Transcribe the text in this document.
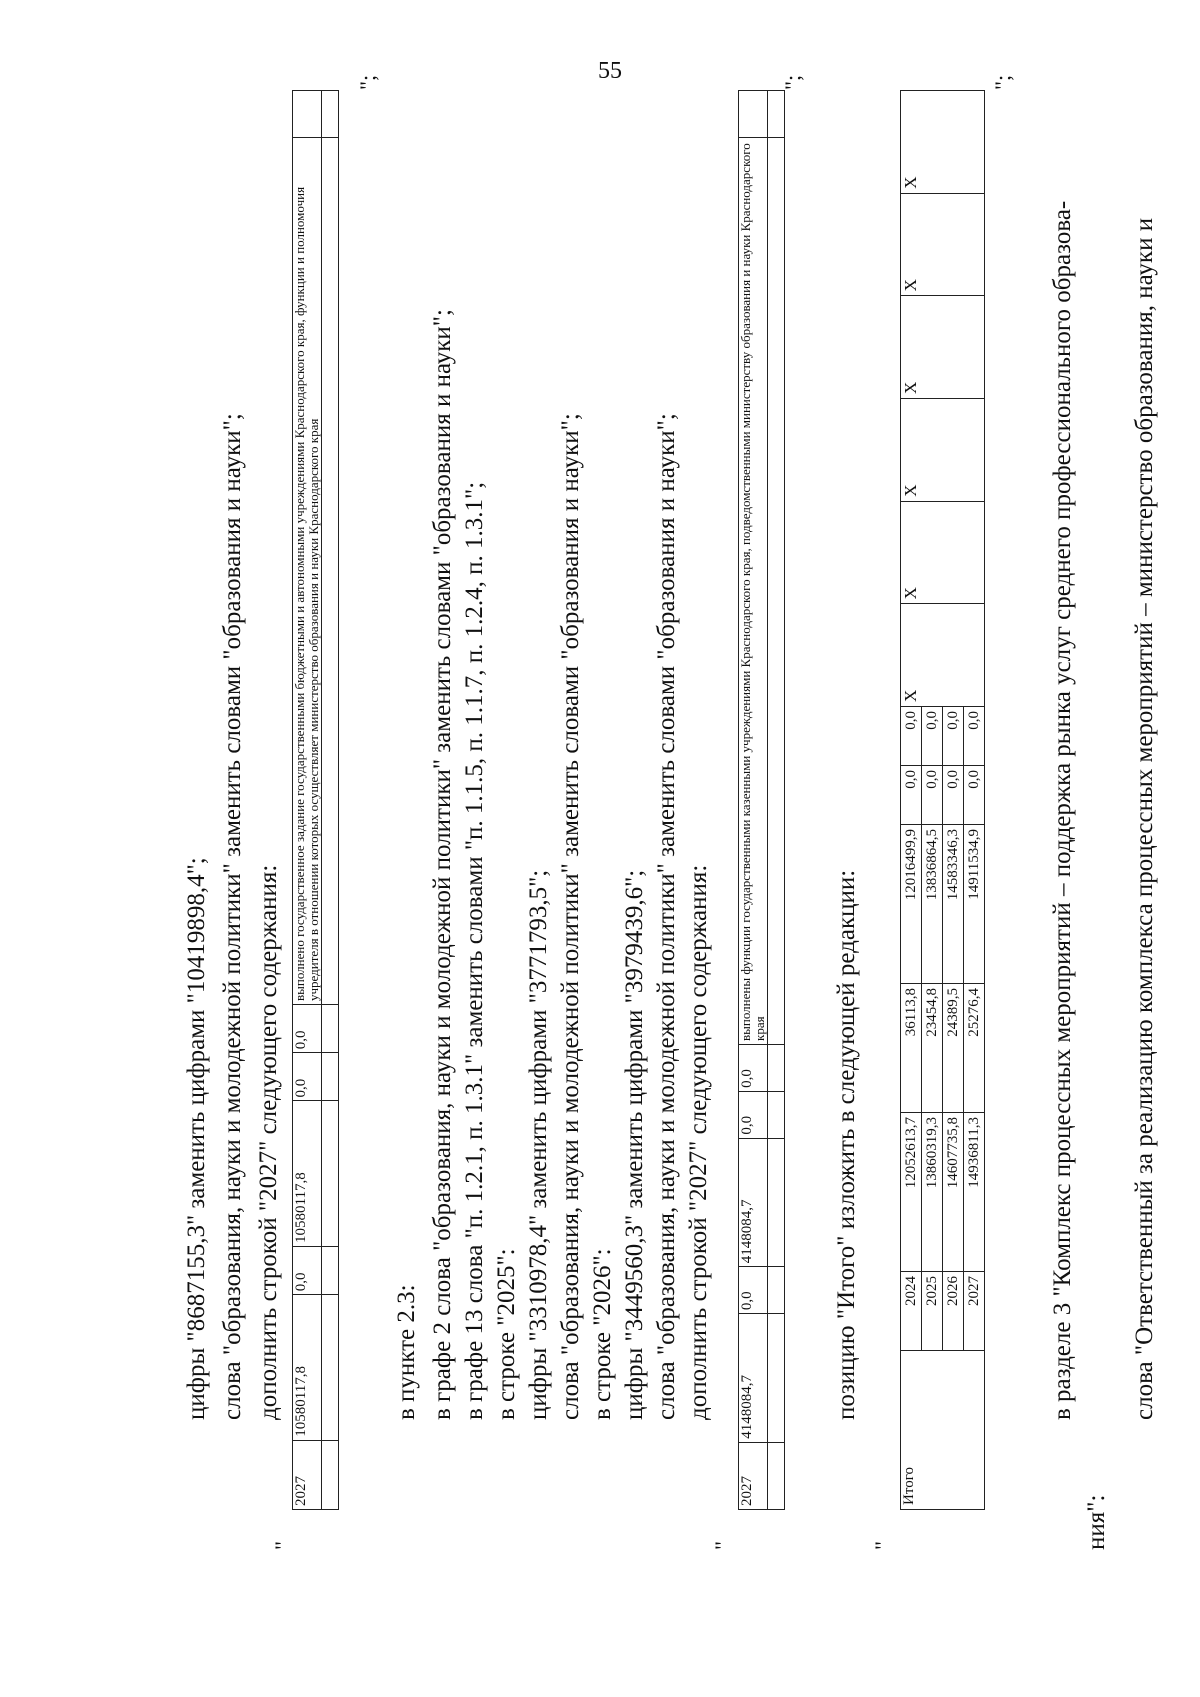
55
цифры "8687155,3" заменить цифрами "10419898,4"; слова "образования, науки и молодежной политики" заменить словами "образования и науки"; дополнить строкой "2027" следующего содержания:
"
2027	10580117,8	0,0	10580117,8	0,0	0,0	выполнено государственное задание государственными бюджетными и автономными учреждениями Краснодарского края, функции и полномочия учредителя в отношении которых осуществляет министерство образования и науки Краснодарского края	

";
в пункте 2.3: в графе 2 слова "образования, науки и молодежной политики" заменить словами "образования и науки"; в графе 13 слова "п. 1.2.1, п. 1.3.1" заменить словами "п. 1.1.5, п. 1.1.7, п. 1.2.4, п. 1.3.1"; в строке "2025": цифры "3310978,4" заменить цифрами "3771793,5"; слова "образования, науки и молодежной политики" заменить словами "образования и науки"; в строке "2026": цифры "3449560,3" заменить цифрами "3979439,6"; слова "образования, науки и молодежной политики" заменить словами "образования и науки"; дополнить строкой "2027" следующего содержания:
"
2027	4148084,7	0,0	4148084,7	0,0	0,0	выполнены функции государственными казенными учреждениями Краснодарского края, подведомственными министерству образования и науки Краснодарского края	

";
позицию "Итого" изложить в следующей редакции:
"
Итого	2024	12052613,7	36113,8	12016499,9	0,0	0,0	X	X	X	X	X	X
	2025	13860319,3	23454,8	13836864,5	0,0	0,0						
	2026	14607735,8	24389,5	14583346,3	0,0	0,0						
	2027	14936811,3	25276,4	14911534,9	0,0	0,0						
";
в разделе 3 "Комплекс процессных мероприятий – поддержка рынка услуг среднего профессионального образова-
ния":
слова "Ответственный за реализацию комплекса процессных мероприятий – министерство образования, науки и
